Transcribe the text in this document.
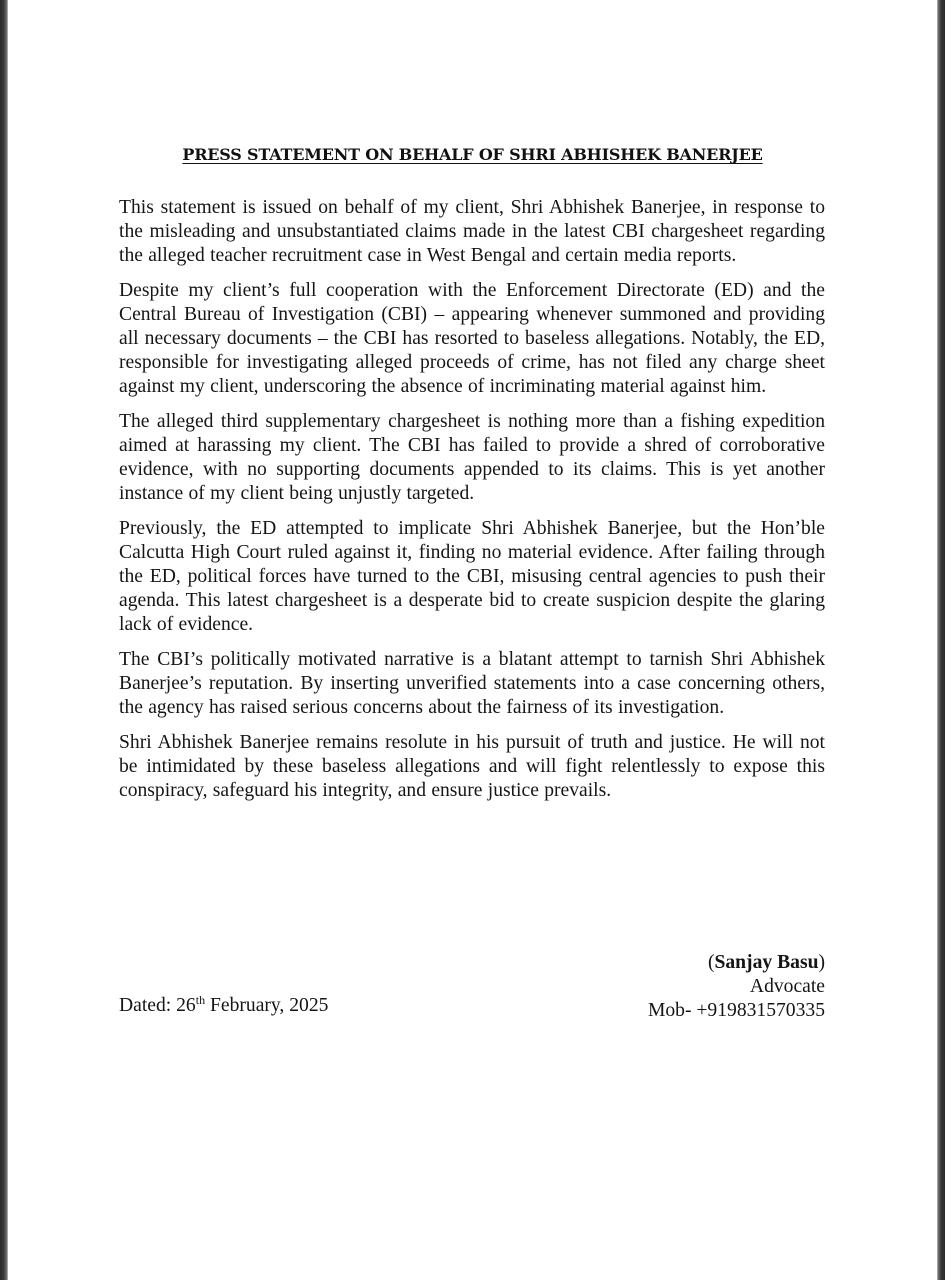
PRESS STATEMENT ON BEHALF OF SHRI ABHISHEK BANERJEE

This statement is issued on behalf of my client, Shri Abhishek Banerjee, in response to the misleading and unsubstantiated claims made in the latest CBI chargesheet regarding the alleged teacher recruitment case in West Bengal and certain media reports.

Despite my client’s full cooperation with the Enforcement Directorate (ED) and the Central Bureau of Investigation (CBI) – appearing whenever summoned and providing all necessary documents – the CBI has resorted to baseless allegations. Notably, the ED, responsible for investigating alleged proceeds of crime, has not filed any charge sheet against my client, underscoring the absence of incriminating material against him.

The alleged third supplementary chargesheet is nothing more than a fishing expedition aimed at harassing my client. The CBI has failed to provide a shred of corroborative evidence, with no supporting documents appended to its claims. This is yet another instance of my client being unjustly targeted.

Previously, the ED attempted to implicate Shri Abhishek Banerjee, but the Hon’ble Calcutta High Court ruled against it, finding no material evidence. After failing through the ED, political forces have turned to the CBI, misusing central agencies to push their agenda. This latest chargesheet is a desperate bid to create suspicion despite the glaring lack of evidence.

The CBI’s politically motivated narrative is a blatant attempt to tarnish Shri Abhishek Banerjee’s reputation. By inserting unverified statements into a case concerning others, the agency has raised serious concerns about the fairness of its investigation.

Shri Abhishek Banerjee remains resolute in his pursuit of truth and justice. He will not be intimidated by these baseless allegations and will fight relentlessly to expose this conspiracy, safeguard his integrity, and ensure justice prevails.

(Sanjay Basu)
Advocate
Mob- +919831570335
Dated: 26th February, 2025
